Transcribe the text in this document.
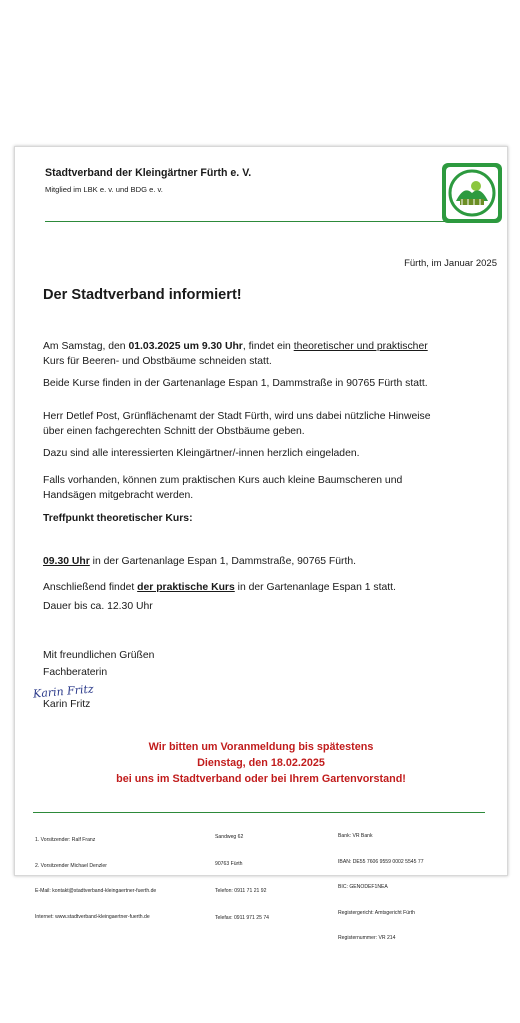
Stadtverband der Kleingärtner Fürth e. V.
Mitglied im LBK e. v. und BDG e. v.
Fürth, im Januar 2025
Der Stadtverband informiert!
Am Samstag, den 01.03.2025 um 9.30 Uhr, findet ein theoretischer und praktischer
Kurs für Beeren- und Obstbäume schneiden statt.
Beide Kurse finden in der Gartenanlage Espan 1, Dammstraße in 90765 Fürth statt.
Herr Detlef Post, Grünflächenamt der Stadt Fürth, wird uns dabei nützliche Hinweise
über einen fachgerechten Schnitt der Obstbäume geben.
Dazu sind alle interessierten Kleingärtner/-innen herzlich eingeladen.
Falls vorhanden, können zum praktischen Kurs auch kleine Baumscheren und
Handsägen mitgebracht werden.
Treffpunkt theoretischer Kurs:
09.30 Uhr in der Gartenanlage Espan 1, Dammstraße, 90765 Fürth.
Anschließend findet der praktische Kurs in der Gartenanlage Espan 1 statt.
Dauer bis ca. 12.30 Uhr
Mit freundlichen Grüßen
Fachberaterin
Karin Fritz
Karin Fritz
Wir bitten um Voranmeldung bis spätestens
Dienstag, den 18.02.2025
bei uns im Stadtverband oder bei Ihrem Gartenvorstand!

1. Vorsitzender: Ralf Franz

2. Vorsitzender Michael Denzler

E-Mail: kontakt@stadtverband-kleingaertner-fuerth.de

Internet: www.stadtverband-kleingaertner-fuerth.de

Sandweg 62

90763 Fürth

Telefon: 0911 71 21 92

Telefax: 0911 971 25 74

Bank: VR Bank

IBAN: DE55 7606 9559 0002 5545 77

BIC: GENODEF1NEA

Registergericht: Amtsgericht Fürth

Registernummer: VR 214
